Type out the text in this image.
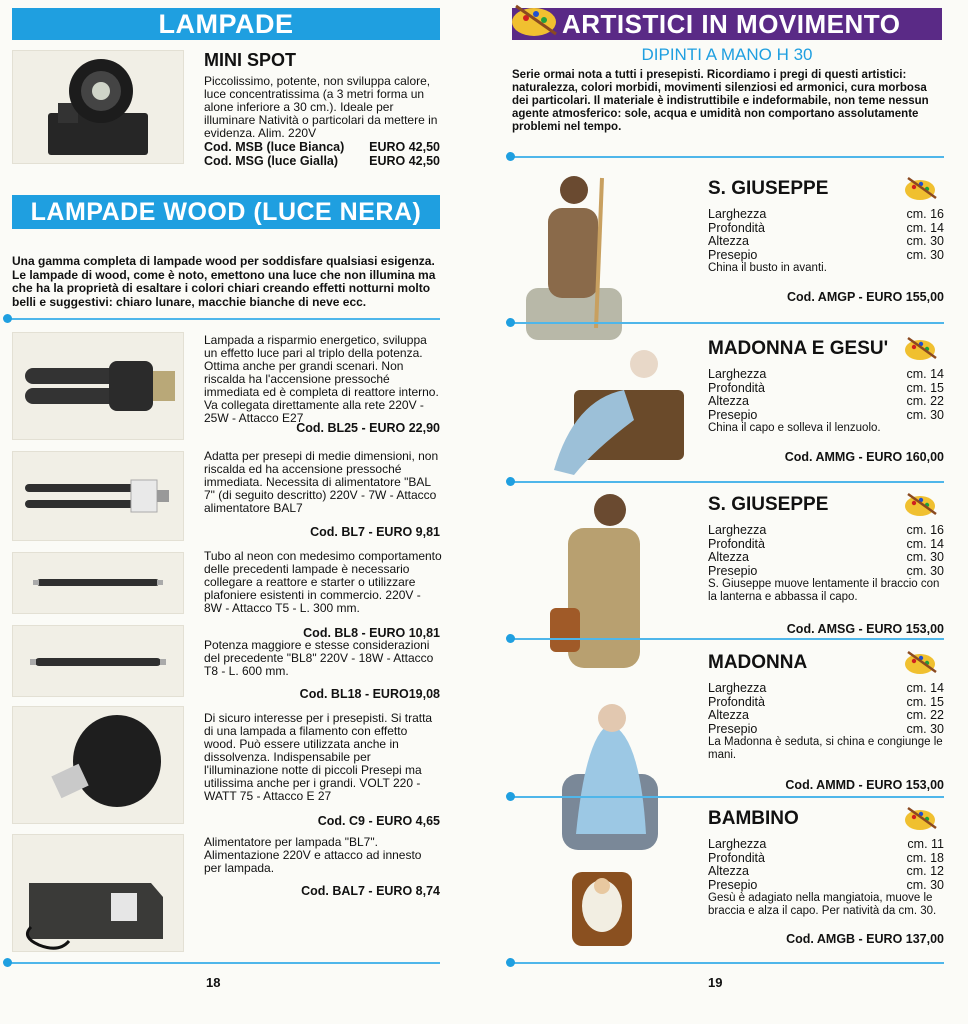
LAMPADE
MINI SPOT
Piccolissimo, potente, non sviluppa calore, luce concentratissima (a 3 metri forma un alone inferiore a 30 cm.). Ideale per illuminare Natività o particolari da mettere in evidenza. Alim. 220V
Cod. MSB (luce Bianca) EURO 42,50
Cod. MSG (luce Gialla) EURO 42,50
LAMPADE WOOD (LUCE NERA)
Una gamma completa di lampade wood per soddisfare qualsiasi esigenza. Le lampade di wood, come è noto, emettono una luce che non illumina ma che ha la proprietà di esaltare i colori chiari creando effetti notturni molto belli e suggestivi: chiaro lunare, macchie bianche di neve ecc.
Lampada a risparmio energetico, sviluppa un effetto luce pari al triplo della potenza. Ottima anche per grandi scenari. Non riscalda ha l'accensione pressoché immediata ed è completa di reattore interno. Va collegata direttamente alla rete 220V - 25W - Attacco E27
Cod. BL25 - EURO 22,90
Adatta per presepi di medie dimensioni, non riscalda ed ha accensione pressoché immediata. Necessita di alimentatore "BAL 7" (di seguito descritto) 220V - 7W - Attacco alimentatore BAL7
Cod. BL7 - EURO 9,81
Tubo al neon con medesimo comportamento delle precedenti lampade è necessario collegare a reattore e starter o utilizzare plafoniere esistenti in commercio. 220V - 8W - Attacco T5 - L. 300 mm.
Cod. BL8 - EURO 10,81
Potenza maggiore e stesse considerazioni del precedente "BL8" 220V - 18W - Attacco T8 - L. 600 mm.
Cod. BL18 - EURO19,08
Di sicuro interesse per i presepisti. Si tratta di una lampada a filamento con effetto wood. Può essere utilizzata anche in dissolvenza. Indispensabile per l'illuminazione notte di piccoli Presepi ma utilissima anche per i grandi. VOLT 220 - WATT 75 - Attacco E 27
Cod. C9 - EURO 4,65
Alimentatore per lampada "BL7". Alimentazione 220V e attacco ad innesto per lampada.
Cod. BAL7 - EURO 8,74
18
ARTISTICI IN MOVIMENTO
DIPINTI A MANO H 30
Serie ormai nota a tutti i presepisti. Ricordiamo i pregi di questi artistici: naturalezza, colori morbidi, movimenti silenziosi ed armonici, cura morbosa dei particolari. Il materiale è indistruttibile e indeformabile, non teme nessun agente atmosferico: sole, acqua e umidità non comportano assolutamente problemi nel tempo.
S. GIUSEPPE
Larghezza	cm. 16
Profondità	cm. 14
Altezza	cm. 30
Presepio	cm. 30
China il busto in avanti.
Cod. AMGP - EURO 155,00
MADONNA E GESU'
Larghezza	cm. 14
Profondità	cm. 15
Altezza	cm. 22
Presepio	cm. 30
China il capo e solleva il lenzuolo.
Cod. AMMG - EURO 160,00
S. GIUSEPPE
Larghezza	cm. 16
Profondità	cm. 14
Altezza	cm. 30
Presepio	cm. 30
S. Giuseppe muove lentamente il braccio con la lanterna e abbassa il capo.
Cod. AMSG - EURO 153,00
MADONNA
Larghezza	cm. 14
Profondità	cm. 15
Altezza	cm. 22
Presepio	cm. 30
La Madonna è seduta, si china e congiunge le mani.
Cod. AMMD - EURO 153,00
BAMBINO
Larghezza	cm. 11
Profondità	cm. 18
Altezza	cm. 12
Presepio	cm. 30
Gesù è adagiato nella mangiatoia, muove le braccia e alza il capo. Per natività da cm. 30.
Cod. AMGB - EURO 137,00
19
